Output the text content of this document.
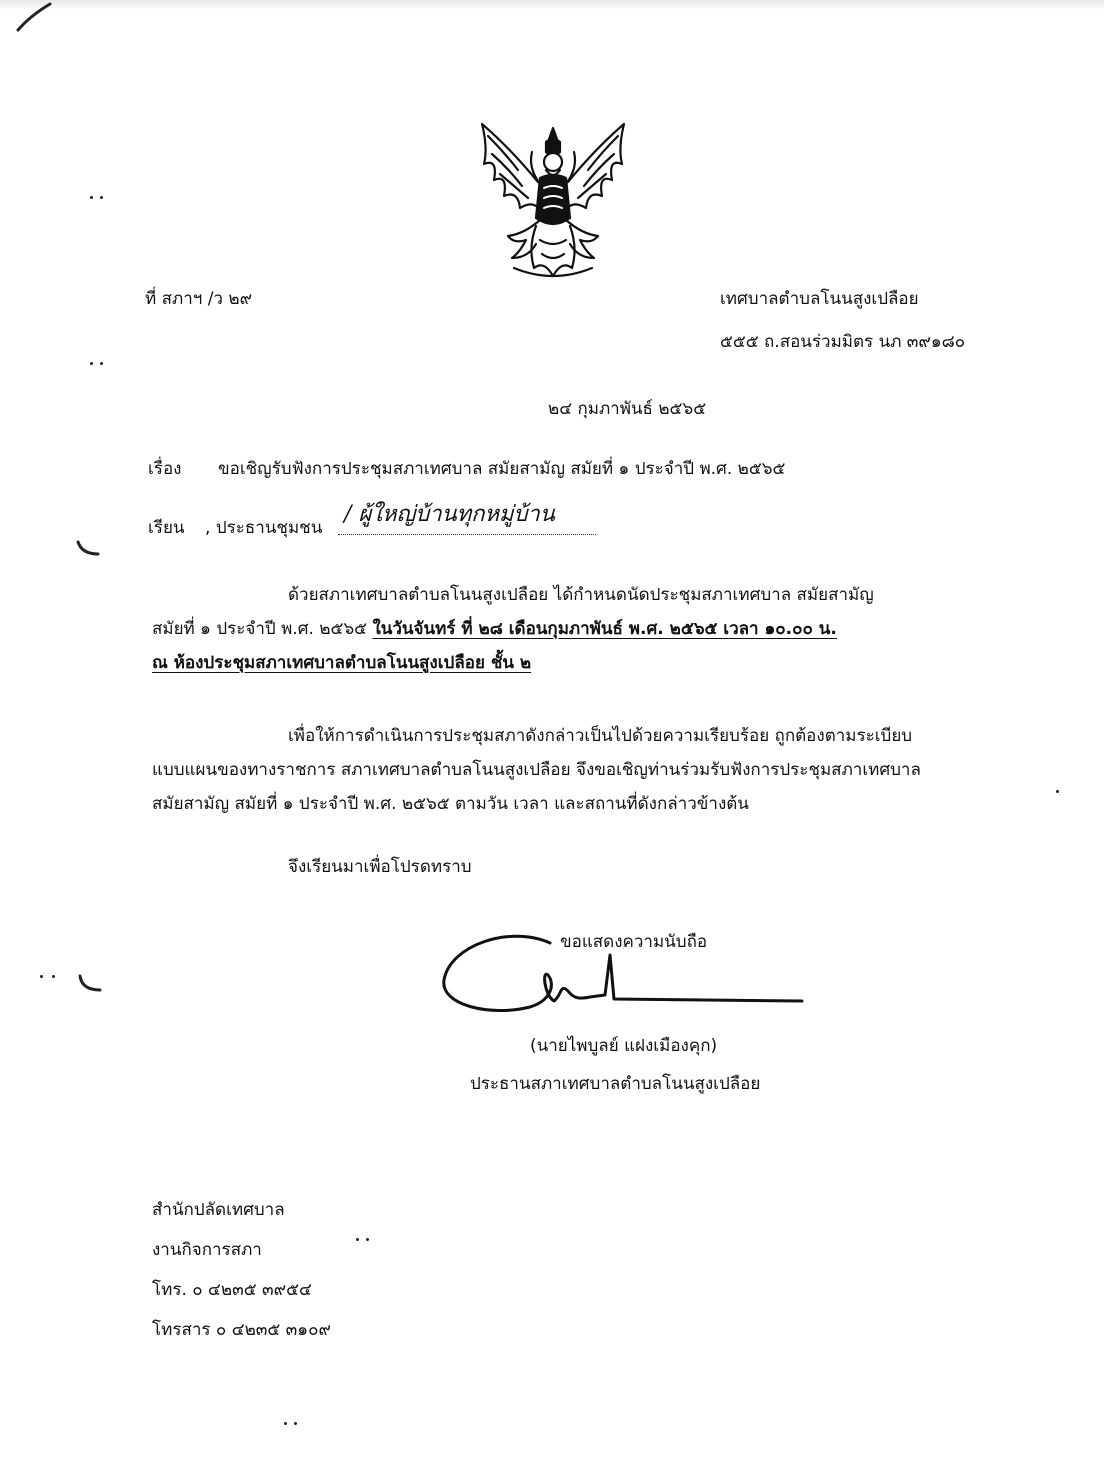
ที่ สภาฯ /ว ๒๙	เทศบาลตำบลโนนสูงเปลือย
๕๕๕ ถ.สอนร่วมมิตร นภ ๓๙๑๘๐
๒๔ กุมภาพันธ์ ๒๕๖๕
เรื่อง ขอเชิญรับฟังการประชุมสภาเทศบาล สมัยสามัญ สมัยที่ ๑ ประจำปี พ.ศ. ๒๕๖๕
เรียน , ประธานชุมชน
/ ผู้ใหญ่บ้านทุกหมู่บ้าน
ด้วยสภาเทศบาลตำบลโนนสูงเปลือย ได้กำหนดนัดประชุมสภาเทศบาล สมัยสามัญ
สมัยที่ ๑ ประจำปี พ.ศ. ๒๕๖๕ ในวันจันทร์ ที่ ๒๘ เดือนกุมภาพันธ์ พ.ศ. ๒๕๖๕ เวลา ๑๐.๐๐ น.
ณ ห้องประชุมสภาเทศบาลตำบลโนนสูงเปลือย ชั้น ๒
เพื่อให้การดำเนินการประชุมสภาดังกล่าวเป็นไปด้วยความเรียบร้อย ถูกต้องตามระเบียบ
แบบแผนของทางราชการ สภาเทศบาลตำบลโนนสูงเปลือย จึงขอเชิญท่านร่วมรับฟังการประชุมสภาเทศบาล
สมัยสามัญ สมัยที่ ๑ ประจำปี พ.ศ. ๒๕๖๕ ตามวัน เวลา และสถานที่ดังกล่าวข้างต้น
จึงเรียนมาเพื่อโปรดทราบ
ขอแสดงความนับถือ
(นายไพบูลย์ แฝงเมืองคุก)
ประธานสภาเทศบาลตำบลโนนสูงเปลือย
สำนักปลัดเทศบาล
งานกิจการสภา
โทร. ๐ ๔๒๓๕ ๓๙๕๔
โทรสาร ๐ ๔๒๓๕ ๓๑๐๙
